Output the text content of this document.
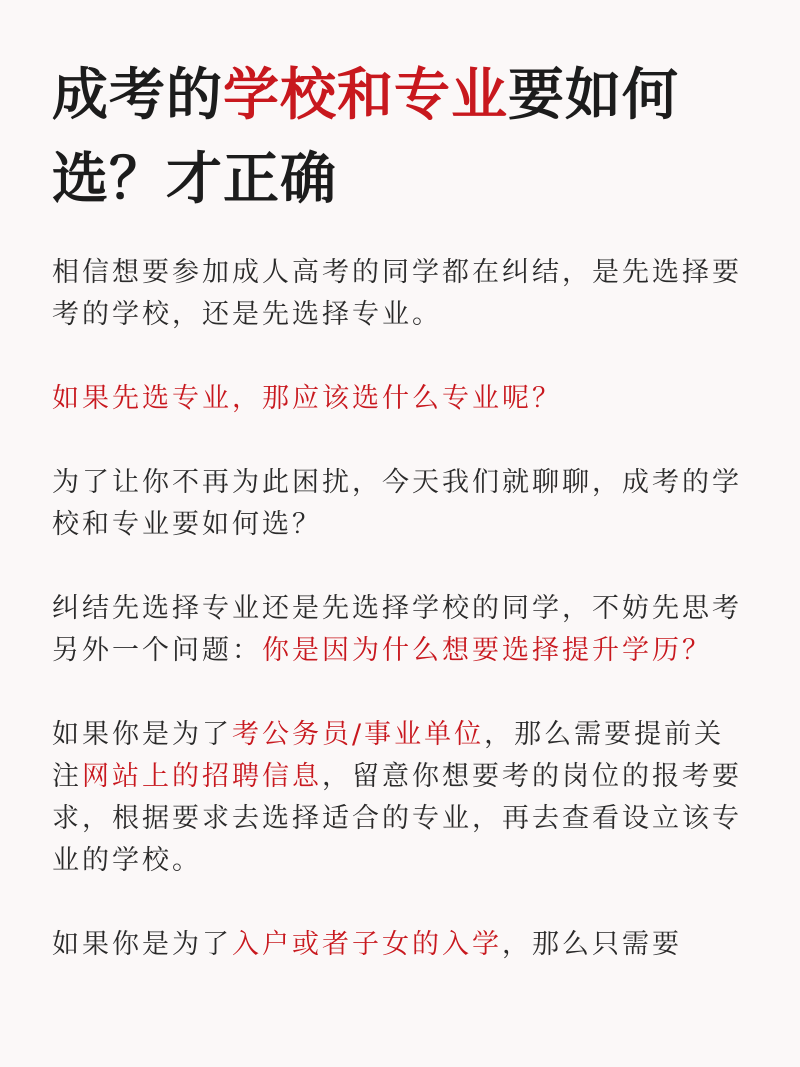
成考的学校和专业要如何选？才正确

相信想要参加成人高考的同学都在纠结，是先选择要考的学校，还是先选择专业。

如果先选专业，那应该选什么专业呢？

为了让你不再为此困扰，今天我们就聊聊，成考的学校和专业要如何选？

纠结先选择专业还是先选择学校的同学，不妨先思考另外一个问题：你是因为什么想要选择提升学历？

如果你是为了考公务员/事业单位，那么需要提前关注网站上的招聘信息，留意你想要考的岗位的报考要求，根据要求去选择适合的专业，再去查看设立该专业的学校。

如果你是为了入户或者子女的入学，那么只需要
